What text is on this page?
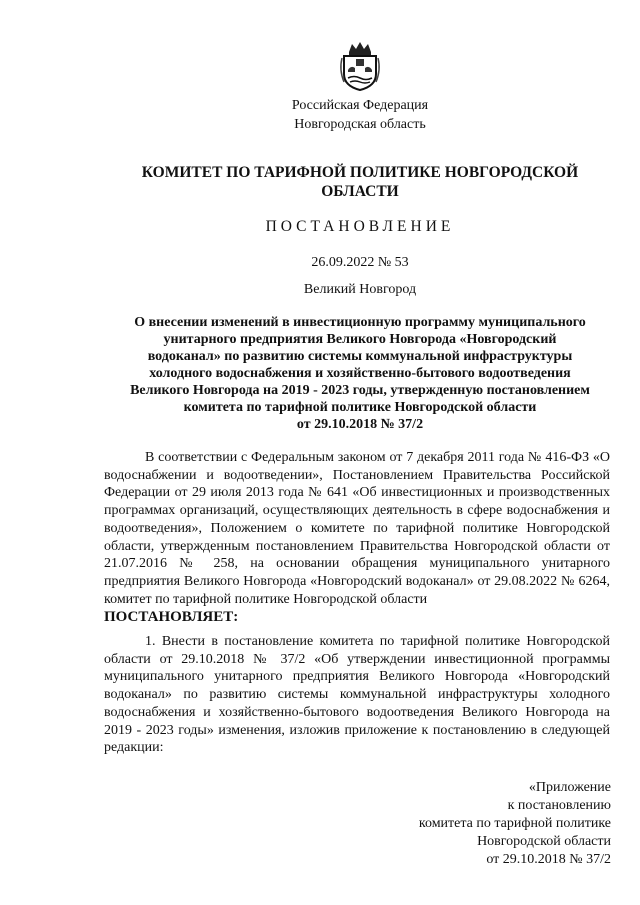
Российская Федерация
Новгородская область
КОМИТЕТ ПО ТАРИФНОЙ ПОЛИТИКЕ НОВГОРОДСКОЙ
ОБЛАСТИ
ПОСТАНОВЛЕНИЕ
26.09.2022 № 53
Великий Новгород
О внесении изменений в инвестиционную программу муниципального
унитарного предприятия Великого Новгорода «Новгородский
водоканал» по развитию системы коммунальной инфраструктуры
холодного водоснабжения и хозяйственно-бытового водоотведения
Великого Новгорода на 2019 - 2023 годы, утвержденную постановлением
комитета по тарифной политике Новгородской области
от 29.10.2018 № 37/2
В соответствии с Федеральным законом от 7 декабря 2011 года № 416-ФЗ «О водоснабжении и водоотведении», Постановлением Правительства Российской Федерации от 29 июля 2013 года № 641 «Об инвестиционных и производственных программах организаций, осуществляющих деятельность в сфере водоснабжения и водоотведения», Положением о комитете по тарифной политике Новгородской области, утвержденным постановлением Правительства Новгородской области от 21.07.2016 № 258, на основании обращения муниципального унитарного предприятия Великого Новгорода «Новгородский водоканал» от 29.08.2022 № 6264, комитет по тарифной политике Новгородской области
ПОСТАНОВЛЯЕТ:
1. Внести в постановление комитета по тарифной политике Новгородской области от 29.10.2018 № 37/2 «Об утверждении инвестиционной программы муниципального унитарного предприятия Великого Новгорода «Новгородский водоканал» по развитию системы коммунальной инфраструктуры холодного водоснабжения и хозяйственно-бытового водоотведения Великого Новгорода на 2019 - 2023 годы» изменения, изложив приложение к постановлению в следующей редакции:
«Приложение
к постановлению
комитета по тарифной политике
Новгородской области
от 29.10.2018 № 37/2
